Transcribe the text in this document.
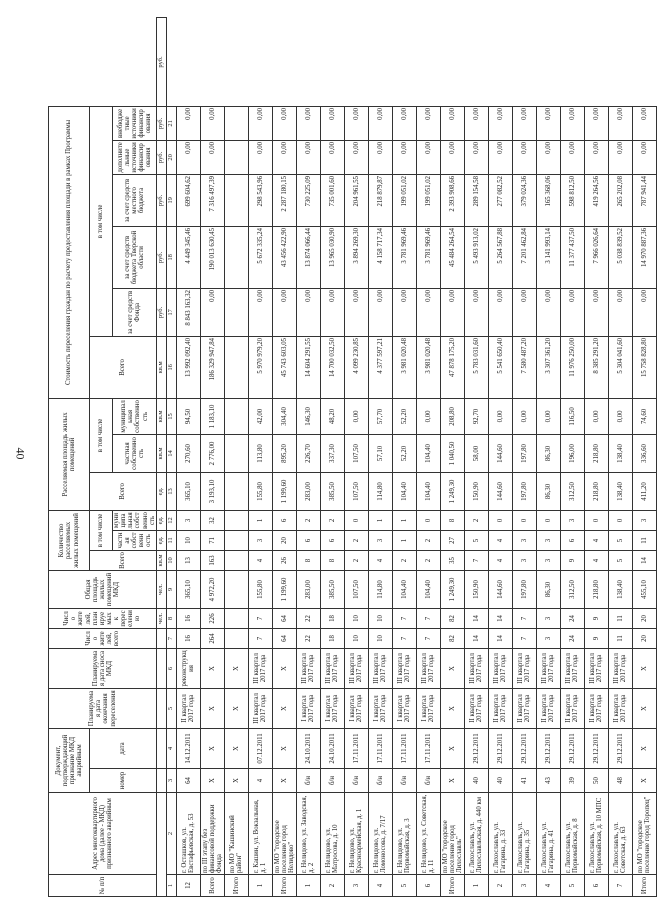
40
№ п/п	Адрес многоквартирного дома (далее - МКД) признанного аварийным	Документ, подтверждающий признание МКД аварийным		Планируемая дата окончания переселения	Планируемая дата сноса МКД	Число жителей, всего	Число жителей, планируемых к переселению	Общая площадь жилых помещений МКД	Количество расселяемых жилых помещений			Расселяемая площадь жилых помещений			Стоимость переселения граждан по расчету предоставления площади в рамках Программы						
		номер	дата						Всего	в том числе		Всего	в том числе		Всего	в том числе					
										частная собственность	муниципальная собственность		частная собственность	муниципальная собственность		за счет средств Фонда	за счет средств бюджета Тверской области	за счет средств местного бюджета	дополнительные источники финансирования	внебюджетные источники финансирования	
							чел.	чел.	кв.м	ед.	ед.	ед.	кв.м	кв.м	кв.м	руб.	руб.	руб.	руб.	руб.	руб.
1	2	3	4	5	6	7	8	9	10	11	12	13	14	15	16	17	18	19	20	21	
12	г. Осташков, ул. Евстафьевская, д. 53	64	14.12.2011	II квартал 2017 года	реконструкция	16	16	365,10	13	10	3	365,10	270,60	94,50	13 992 092,40	8 843 163,32	4 449 345,46	699 604,62	0,00	0,00	
Всего	по III этапу без финансовой поддержки Фонда	Х	Х	Х	Х	264	226	4 972,20	163	71	32	3 193,10	2 776,00	1 183,10	186 329 947,84	0,00	190 013 630,45	7 316 497,39	0,00	0,00	
Итого	по МО "Кашинский район"	Х	Х	Х	Х																
1	г. Кашин, ул. Вокзальная, д. 1	4	07.12.2011	III квартал 2017 года	III квартал 2017 года	7	7	155,80	4	3	1	155,80	113,80	42,00	5 970 979,20	0,00	5 672 335,24	298 543,96	0,00	0,00	
Итого	по МО "городское поселение город Нелидово"	Х	Х	Х	Х	64	64	1 199,60	26	20	6	1 199,60	895,20	304,40	45 743 603,05	0,00	43 456 422,90	2 287 180,15	0,00	0,00	
1	г. Нелидово, ул. Заводская, д. 2	б/н	24.10.2011	I квартал 2017 года	III квартал 2017 года	22	22	283,00	8	6	2	283,00	226,70	146,30	14 604 291,55	0,00	13 874 066,44	730 225,09	0,00	0,00	
2	г. Нелидово, ул. Матросова, д. 10	б/н	24.10.2011	I квартал 2017 года	III квартал 2017 года	18	18	385,50	8	6	2	385,50	337,30	48,20	14 700 032,50	0,00	13 965 030,90	735 001,60	0,00	0,00	
3	г. Нелидово, ул. Красноармейская, д. 1	б/н	17.11.2011	I квартал 2017 года	III квартал 2017 года	10	10	107,50	2	2	0	107,50	107,50	0,00	4 099 230,85	0,00	3 894 269,30	204 961,55	0,00	0,00	
4	г. Нелидово, ул. Ломоносова, д. 7/17	б/н	17.11.2011	I квартал 2017 года	III квартал 2017 года	10	10	114,80	4	3	1	114,80	57,10	57,70	4 377 597,21	0,00	4 158 717,34	218 879,87	0,00	0,00	
5	г. Нелидово, ул. Первомайская, д. 3	б/н	17.11.2011	I квартал 2017 года	III квартал 2017 года	7	7	104,40	2	1	1	104,40	52,20	52,20	3 981 020,48	0,00	3 781 969,46	199 051,02	0,00	0,00	
6	г. Нелидово, ул. Советская, д. 11	б/н	17.11.2011	I квартал 2017 года	III квартал 2017 года	7	7	104,40	2	2	0	104,40	104,40	0,00	3 981 020,48	0,00	3 781 969,46	199 051,02	0,00	0,00	
Итого	по МО "городское поселение город Лихославль"	Х	Х	Х	Х	82	82	1 249,30	35	27	8	1 249,30	1 040,50	208,80	47 878 175,20	0,00	45 484 264,54	2 393 908,66	0,00	0,00	
1	г. Лихославль, ул. Лихославльская, д. 440 км	40	29.12.2011	II квартал 2017 года	III квартал 2017 года	14	14	150,90	7	5	2	150,90	58,00	92,70	5 783 031,60	0,00	5 493 913,02	289 154,58	0,00	0,00	
2	г. Лихославль, ул. Гагарина, д. 33	40	29.12.2011	II квартал 2017 года	III квартал 2017 года	14	14	144,60	4	4	0	144,60	144,60	0,00	5 541 650,40	0,00	5 264 567,88	277 082,52	0,00	0,00	
3	г. Лихославль, ул. Гагарина, д. 35	41	29.12.2011	II квартал 2017 года	III квартал 2017 года	7	7	197,80	3	3	0	197,80	197,80	0,00	7 580 487,20	0,00	7 201 462,84	379 024,36	0,00	0,00	
4	г. Лихославль, ул. Гагарина, д. 41	43	29.12.2011	II квартал 2017 года	III квартал 2017 года	3	3	86,30	3	3	0	86,30	86,30	0,00	3 307 361,20	0,00	3 141 993,14	165 368,06	0,00	0,00	
5	г. Лихославль, ул. Первомайская, д. 8	39	29.12.2011	II квартал 2017 года	III квартал 2017 года	24	24	312,50	9	6	3	312,50	196,00	116,50	11 976 250,00	0,00	11 377 437,50	598 812,50	0,00	0,00	
6	г. Лихославль, ул. Первомайская, д. 10 МПС	50	29.12.2011	II квартал 2017 года	III квартал 2017 года	9	9	218,80	4	4	0	218,80	218,80	0,00	8 385 291,20	0,00	7 966 026,64	419 264,56	0,00	0,00	
7	г. Лихославль, ул. Советская, д. 63	48	29.12.2011	II квартал 2017 года	III квартал 2017 года	11	11	138,40	5	5	0	138,40	138,40	0,00	5 304 041,60	0,00	5 038 839,52	265 202,08	0,00	0,00	
Итого	по МО "городское поселение город Торопец"	Х	Х	Х	Х	20	20	455,10	14	11	3	411,20	336,60	74,60	15 758 828,80	0,00	14 970 887,36	787 941,44	0,00	0,00	
